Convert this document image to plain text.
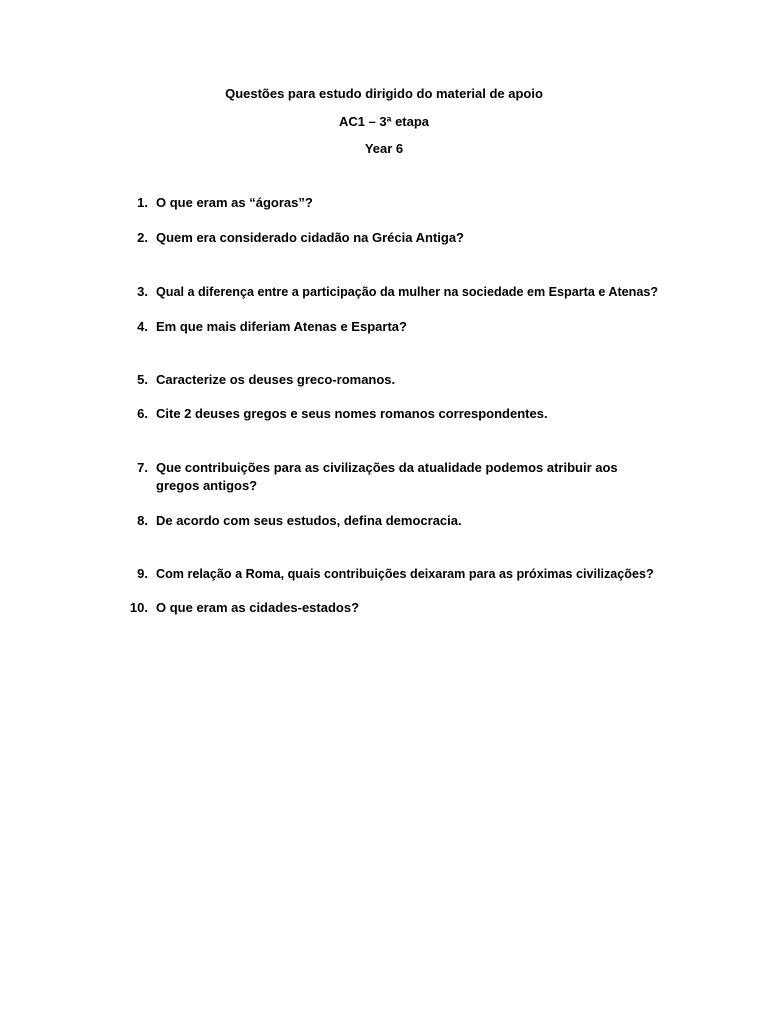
Questões para estudo dirigido do material de apoio
AC1 – 3ª etapa
Year 6
1. O que eram as “ágoras”?
2. Quem era considerado cidadão na Grécia Antiga?
3. Qual a diferença entre a participação da mulher na sociedade em Esparta e Atenas?
4. Em que mais diferiam Atenas e Esparta?
5. Caracterize os deuses greco-romanos.
6. Cite 2 deuses gregos e seus nomes romanos correspondentes.
7. Que contribuições para as civilizações da atualidade podemos atribuir aos gregos antigos?
8. De acordo com seus estudos, defina democracia.
9. Com relação a Roma, quais contribuições deixaram para as próximas civilizações?
10. O que eram as cidades-estados?
